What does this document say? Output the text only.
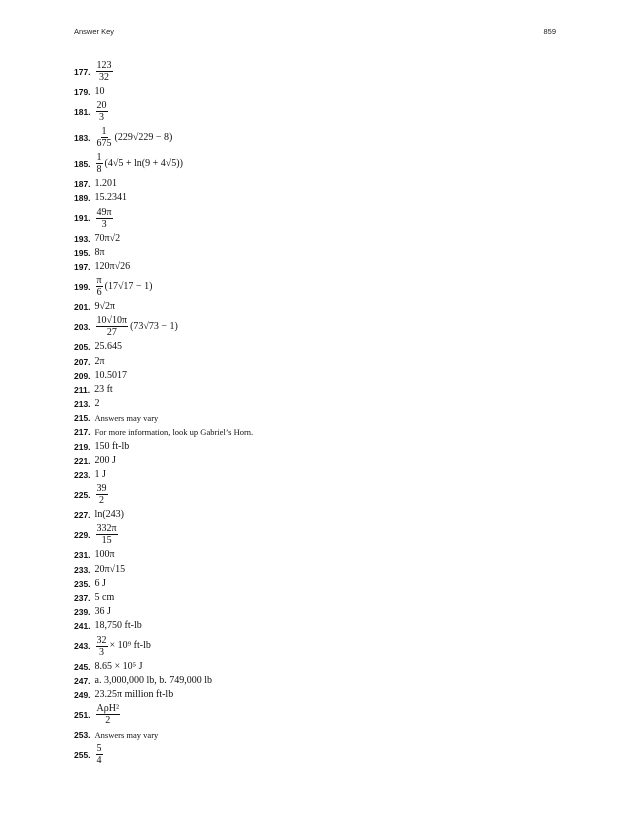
Answer Key	859
177. $\frac{123}{32}$
179. 10
181. $\frac{20}{3}$
183. $\frac{1}{675} (229√229 - 8)$
185. $\frac{1}{8} (4√5 + \ln(9 + 4√5))$
187. 1.201
189. 15.2341
191. $\frac{49\pi}{3}$
193. 70π√2
195. 8π
197. 120π√26
199. $\frac{\pi}{6} (17√17 - 1)$
201. 9√2π
203. $\frac{10√10\pi}{27} (73√73 - 1)$
205. 25.645
207. 2π
209. 10.5017
211. 23 ft
213. 2
215. Answers may vary
217. For more information, look up Gabriel’s Horn.
219. 150 ft-lb
221. 200 J
223. 1 J
225. $\frac{39}{2}$
227. ln(243)
229. $\frac{332\pi}{15}$
231. 100π
233. 20π√15
235. 6 J
237. 5 cm
239. 36 J
241. 18,750 ft-lb
243. $\frac{32}{3} \times 10^9$ ft-lb
245. 8.65 × 10⁵ J
247. a. 3,000,000 lb, b. 749,000 lb
249. 23.25π million ft-lb
251.
AρH²
2
253. Answers may vary
255. $\frac{5}{4}$
